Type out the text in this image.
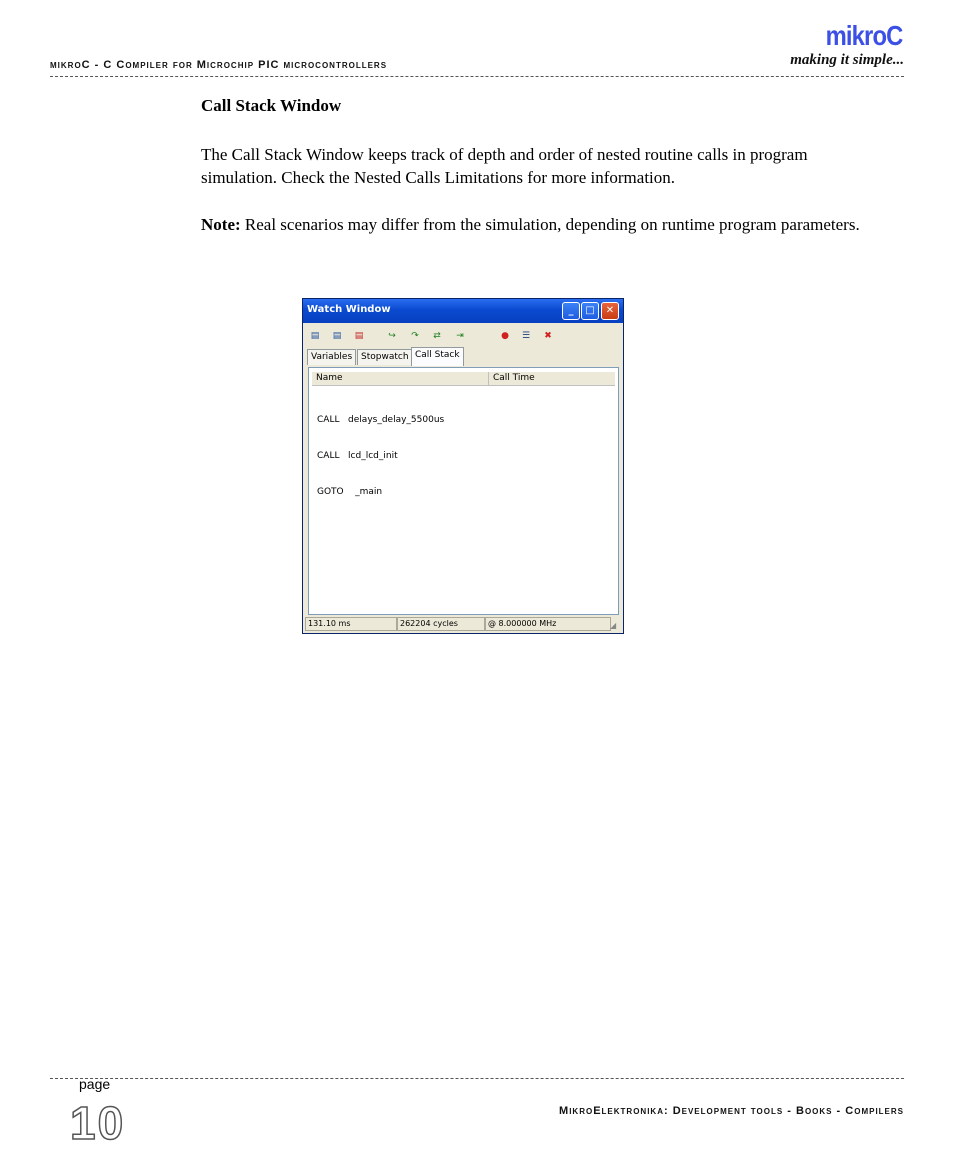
mikroC - C Compiler for Microchip PIC microcontrollers
mikroC
making it simple...
Call Stack Window

The Call Stack Window keeps track of depth and order of nested routine calls in program simulation. Check the Nested Calls Limitations for more information.

Note: Real scenarios may differ from the simulation, depending on runtime program parameters.

Watch Window	_	□	✕
▤	▤	▤	↪	↷	⇄	⇥	●	☰	✖
Variables Stopwatch Call Stack
Name	Call Time

CALL   delays_delay_5500us

CALL   lcd_lcd_init

GOTO    _main

131.10 ms	262204 cycles	@ 8.000000 MHz	◢
page
10	MikroElektronika: Development tools - Books - Compilers
